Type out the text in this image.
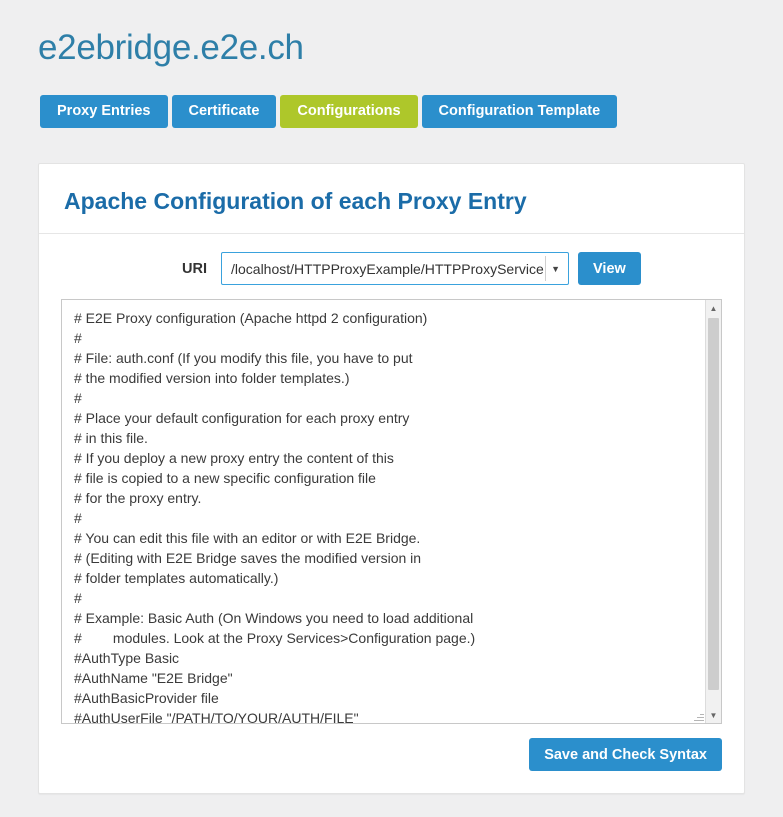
e2ebridge.e2e.ch
Proxy Entries	Certificate	Configurations	Configuration Template
Apache Configuration of each Proxy Entry
URI	/localhost/HTTPProxyExample/HTTPProxyService ▼	View
# E2E Proxy configuration (Apache httpd 2 configuration) # # File: auth.conf (If you modify this file, you have to put # the modified version into folder templates.) # # Place your default configuration for each proxy entry # in this file. # If you deploy a new proxy entry the content of this # file is copied to a new specific configuration file # for the proxy entry. # # You can edit this file with an editor or with E2E Bridge. # (Editing with E2E Bridge saves the modified version in # folder templates automatically.) # # Example: Basic Auth (On Windows you need to load additional # modules. Look at the Proxy Services>Configuration page.) #AuthType Basic #AuthName "E2E Bridge" #AuthBasicProvider file #AuthUserFile "/PATH/TO/YOUR/AUTH/FILE"
▲
▼
Save and Check Syntax
